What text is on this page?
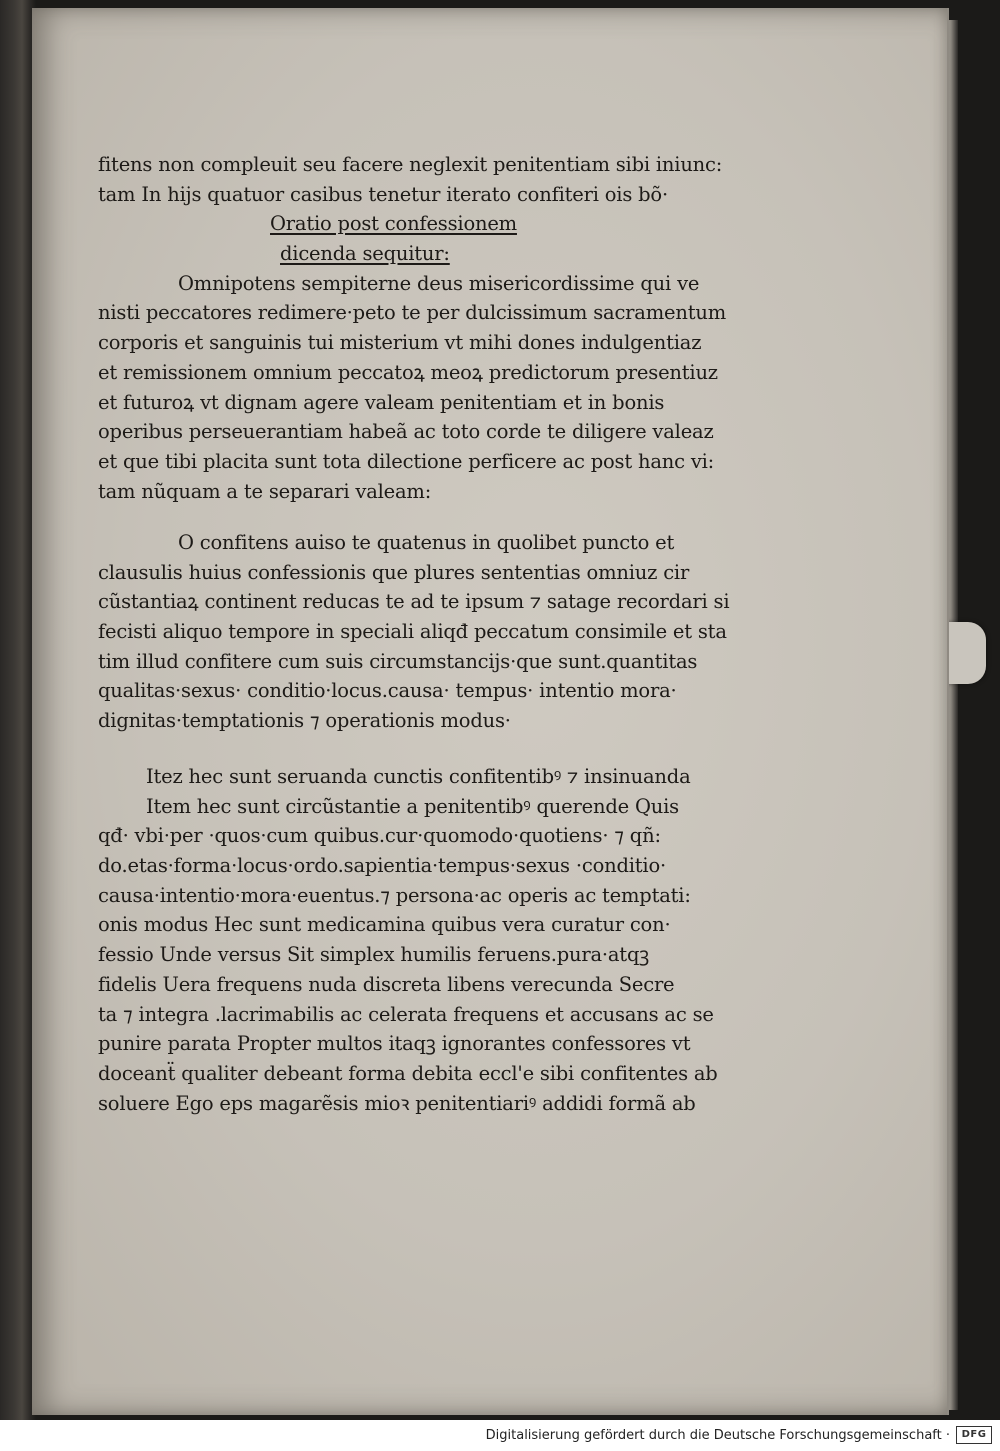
fitens non compleuit seu facere neglexit penitentiam sibi iniunc:
tam In hijs quatuor casibus tenetur iterato confiteri ois bõ·
Oratio post confessionem
dicenda sequitur:
Omnipotens sempiterne deus misericordissime qui ve
nisti peccatores redimere·peto te per dulcissimum sacramentum
corporis et sanguinis tui misterium vt mihi dones indulgentiaz
et remissionem omnium peccatoꝝ meoꝝ predictorum presentiuz
et futuroꝝ vt dignam agere valeam penitentiam et in bonis
operibus perseuerantiam habeã ac toto corde te diligere valeaz
et que tibi placita sunt tota dilectione perficere ac post hanc vi:
tam nũquam a te separari valeam:
O confitens auiso te quatenus in quolibet puncto et
clausulis huius confessionis que plures sententias omniuz cir
cũstantiaꝝ continent reducas te ad te ipsum ⁊ satage recordari si
fecisti aliquo tempore in speciali aliqđ peccatum consimile et sta
tim illud confitere cum suis circumstancijs·que sunt.quantitas
qualitas·sexus· conditio·locus.causa· tempus· intentio mora·
dignitas·temptationis ⁊ operationis modus·
Itez hec sunt seruanda cunctis confitentibꝰ ⁊ insinuanda
Item hec sunt circũstantie a penitentibꝰ querende Quis
qđ· vbi·per ·quos·cum quibus.cur·quomodo·quotiens· ⁊ qñ:
do.etas·forma·locus·ordo.sapientia·tempus·sexus ·conditio·
causa·intentio·mora·euentus.⁊ persona·ac operis ac temptati:
onis modus Hec sunt medicamina quibus vera curatur con·
fessio Unde versus Sit simplex humilis feruens.pura·atqꝫ
fidelis Uera frequens nuda discreta libens verecunda Secre
ta ⁊ integra .lacrimabilis ac celerata frequens et accusans ac se
punire parata Propter multos itaqꝫ ignorantes confessores vt
doceanẗ qualiter debeant forma debita eccl'e sibi confitentes ab
soluere Ego eps magarẽsis mioꝛ penitentiariꝰ addidi formã ab
Digitalisierung gefördert durch die Deutsche Forschungsgemeinschaft ·	DFG
